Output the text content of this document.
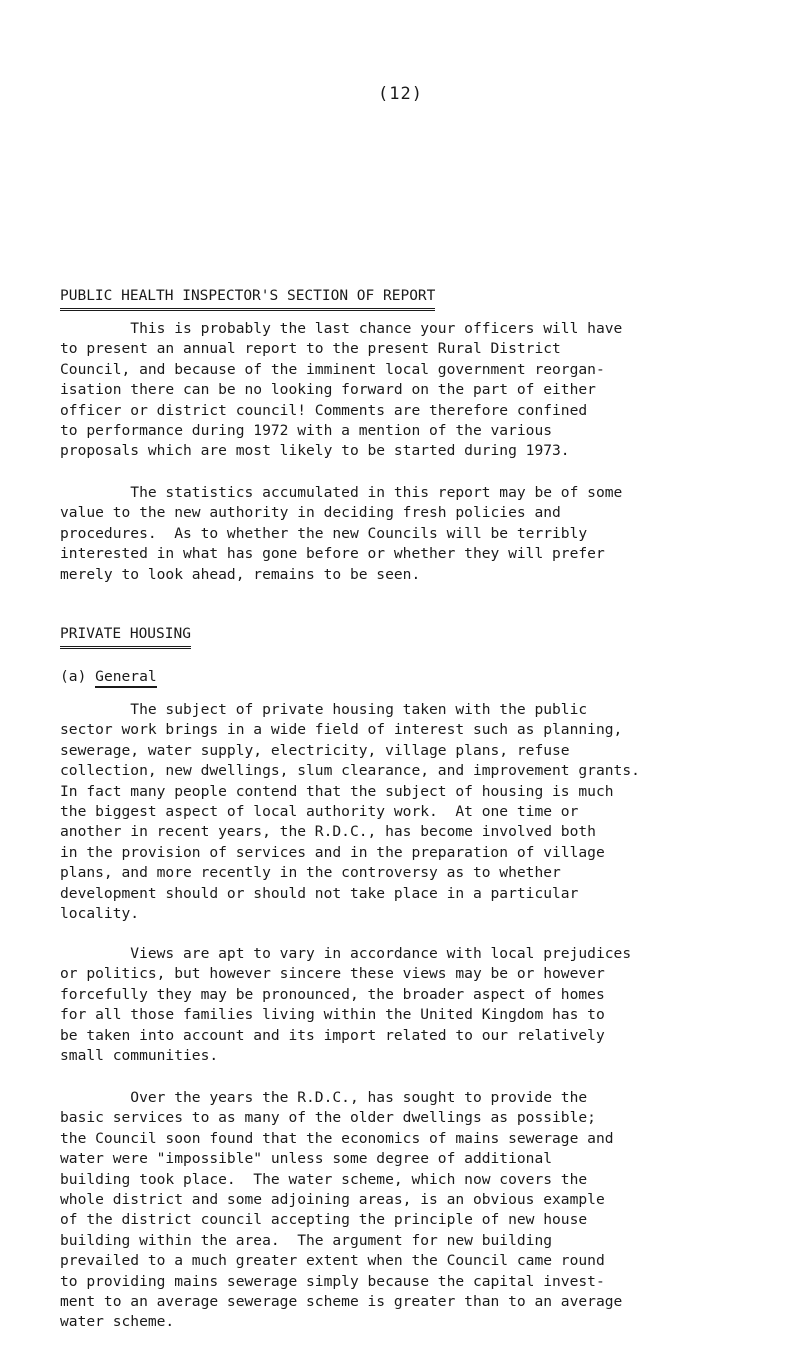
(12)
PUBLIC HEALTH INSPECTOR'S SECTION OF REPORT

This is probably the last chance your officers will have
to present an annual report to the present Rural District
Council, and because of the imminent local government reorgan-
isation there can be no looking forward on the part of either
officer or district council! Comments are therefore confined
to performance during 1972 with a mention of the various
proposals which are most likely to be started during 1973.

The statistics accumulated in this report may be of some
value to the new authority in deciding fresh policies and
procedures.  As to whether the new Councils will be terribly
interested in what has gone before or whether they will prefer
merely to look ahead, remains to be seen.

PRIVATE HOUSING
(a) General

The subject of private housing taken with the public
sector work brings in a wide field of interest such as planning,
sewerage, water supply, electricity, village plans, refuse
collection, new dwellings, slum clearance, and improvement grants.
In fact many people contend that the subject of housing is much
the biggest aspect of local authority work.  At one time or
another in recent years, the R.D.C., has become involved both
in the provision of services and in the preparation of village
plans, and more recently in the controversy as to whether
development should or should not take place in a particular
locality.

Views are apt to vary in accordance with local prejudices
or politics, but however sincere these views may be or however
forcefully they may be pronounced, the broader aspect of homes
for all those families living within the United Kingdom has to
be taken into account and its import related to our relatively
small communities.

Over the years the R.D.C., has sought to provide the
basic services to as many of the older dwellings as possible;
the Council soon found that the economics of mains sewerage and
water were "impossible" unless some degree of additional
building took place.  The water scheme, which now covers the
whole district and some adjoining areas, is an obvious example
of the district council accepting the principle of new house
building within the area.  The argument for new building
prevailed to a much greater extent when the Council came round
to providing mains sewerage simply because the capital invest-
ment to an average sewerage scheme is greater than to an average
water scheme.
